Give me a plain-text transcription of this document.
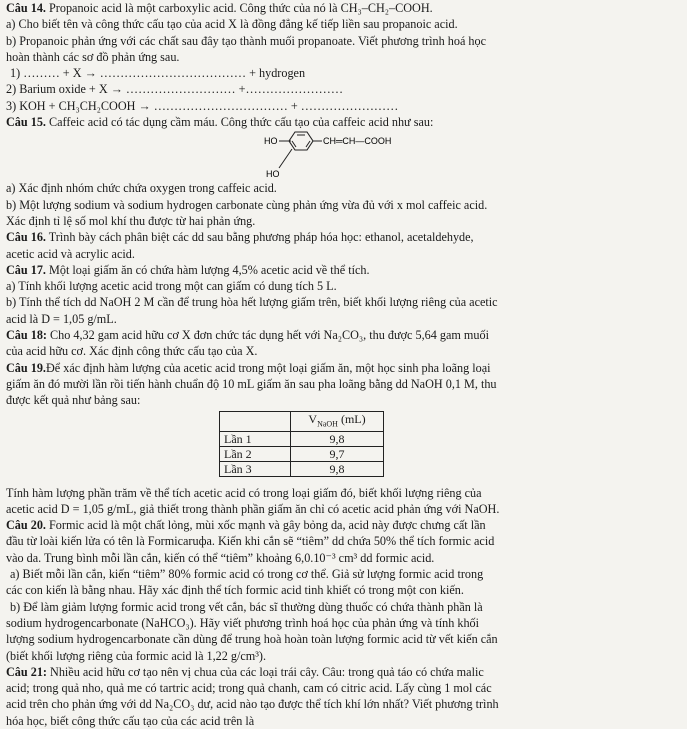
Câu 14. Propanoic acid là một carboxylic acid. Công thức của nó là CH₃–CH₂–COOH.
a) Cho biết tên và công thức cấu tạo của acid X là đồng đẳng kế tiếp liền sau propanoic acid.
b) Propanoic phản ứng với các chất sau đây tạo thành muối propanoate. Viết phương trình hoá học
hoàn thành các sơ đồ phản ứng sau.
1) ……… + X → ……………………………… + hydrogen
2) Barium oxide + X → ……………………… +……………………
3) KOH + CH₃CH₂COOH → …………………………… + ……………………
Câu 15. Caffeic acid có tác dụng cầm máu. Công thức cấu tạo của caffeic acid như sau:
HO
HO
CH═CH—COOH
a) Xác định nhóm chức chứa oxygen trong caffeic acid.
b) Một lượng sodium và sodium hydrogen carbonate cùng phản ứng vừa đủ với x mol caffeic acid.
Xác định tỉ lệ số mol khí thu được từ hai phản ứng.
Câu 16. Trình bày cách phân biệt các dd sau bằng phương pháp hóa học: ethanol, acetaldehyde,
acetic acid và acrylic acid.
Câu 17. Một loại giấm ăn có chứa hàm lượng 4,5% acetic acid về thể tích.
a) Tính khối lượng acetic acid trong một can giấm có dung tích 5 L.
b) Tính thể tích dd NaOH 2 M cần để trung hòa hết lượng giấm trên, biết khối lượng riêng của acetic
acid là D = 1,05 g/mL.
Câu 18: Cho 4,32 gam acid hữu cơ X đơn chức tác dụng hết với Na₂CO₃, thu được 5,64 gam muối
của acid hữu cơ. Xác định công thức cấu tạo của X.
Câu 19.Để xác định hàm lượng của acetic acid trong một loại giấm ăn, một học sinh pha loãng loại
giấm ăn đó mười lần rồi tiến hành chuẩn độ 10 mL giấm ăn sau pha loãng bằng dd NaOH 0,1 M, thu
được kết quả như bảng sau:
	$V_{NaOH}$ (mL)
Lần 1	9,8
Lần 2	9,7
Lần 3	9,8
Tính hàm lượng phần trăm về thể tích acetic acid có trong loại giấm đó, biết khối lượng riêng của
acetic acid D = 1,05 g/mL, giả thiết trong thành phần giấm ăn chỉ có acetic acid phản ứng với NaOH.
Câu 20. Formic acid là một chất lỏng, mùi xốc mạnh và gây bỏng da, acid này được chưng cất lần
đầu từ loài kiến lửa có tên là Formicaruфa. Kiến khi cắn sẽ “tiêm” dd chứa 50% thể tích formic acid
vào da. Trung bình mỗi lần cắn, kiến có thể “tiêm” khoảng 6,0.10⁻³ cm³ dd formic acid.
a) Biết mỗi lần cắn, kiến “tiêm” 80% formic acid có trong cơ thể. Giả sử lượng formic acid trong
các con kiến là bằng nhau. Hãy xác định thể tích formic acid tinh khiết có trong một con kiến.
b) Để làm giảm lượng formic acid trong vết cắn, bác sĩ thường dùng thuốc có chứa thành phần là
sodium hydrogencarbonate (NaHCO₃). Hãy viết phương trình hoá học của phản ứng và tính khối
lượng sodium hydrogencarbonate cần dùng để trung hoà hoàn toàn lượng formic acid từ vết kiến cắn
(biết khối lượng riêng của formic acid là 1,22 g/cm³).
Câu 21: Nhiều acid hữu cơ tạo nên vị chua của các loại trái cây. Câu: trong quả táo có chứa malic
acid; trong quả nho, quả me có tartric acid; trong quả chanh, cam có citric acid. Lấy cùng 1 mol các
acid trên cho phản ứng với dd Na₂CO₃ dư, acid nào tạo được thể tích khí lớn nhất? Viết phương trình
hóa học, biết công thức cấu tạo của các acid trên là
